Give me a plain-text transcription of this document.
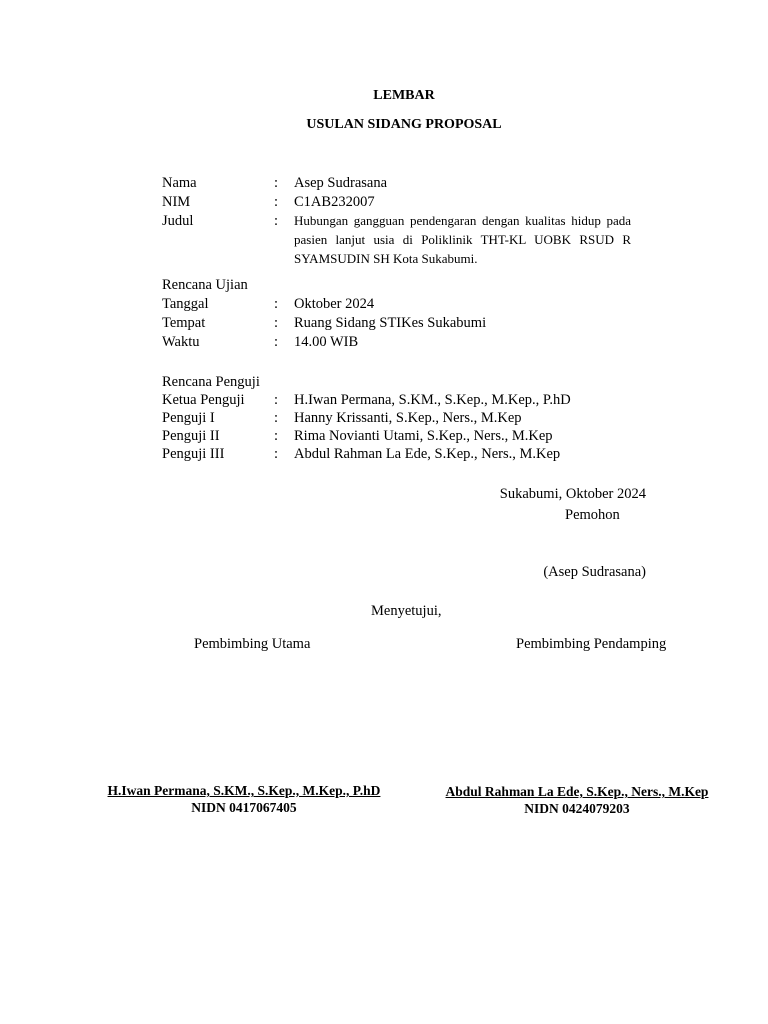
LEMBAR
USULAN SIDANG PROPOSAL
Nama	: Asep Sudrasana
NIM	: C1AB232007
Judul	: Hubungan gangguan pendengaran dengan kualitas hidup pada pasien lanjut usia di Poliklinik THT-KL UOBK RSUD R SYAMSUDIN SH Kota Sukabumi.
Rencana Ujian
Tanggal	: Oktober 2024
Tempat	: Ruang Sidang STIKes Sukabumi
Waktu	: 14.00 WIB
Rencana Penguji
Ketua Penguji : H.Iwan Permana, S.KM., S.Kep., M.Kep., P.hD
Penguji I	: Hanny Krissanti, S.Kep., Ners., M.Kep
Penguji II	: Rima Novianti Utami, S.Kep., Ners., M.Kep
Penguji III	: Abdul Rahman La Ede, S.Kep., Ners., M.Kep
Sukabumi, Oktober 2024
Pemohon
(Asep Sudrasana)
Menyetujui,
Pembimbing Utama	Pembimbing Pendamping
H.Iwan Permana, S.KM., S.Kep., M.Kep., P.hD
NIDN 0417067405
Abdul Rahman La Ede, S.Kep., Ners., M.Kep
NIDN 0424079203
